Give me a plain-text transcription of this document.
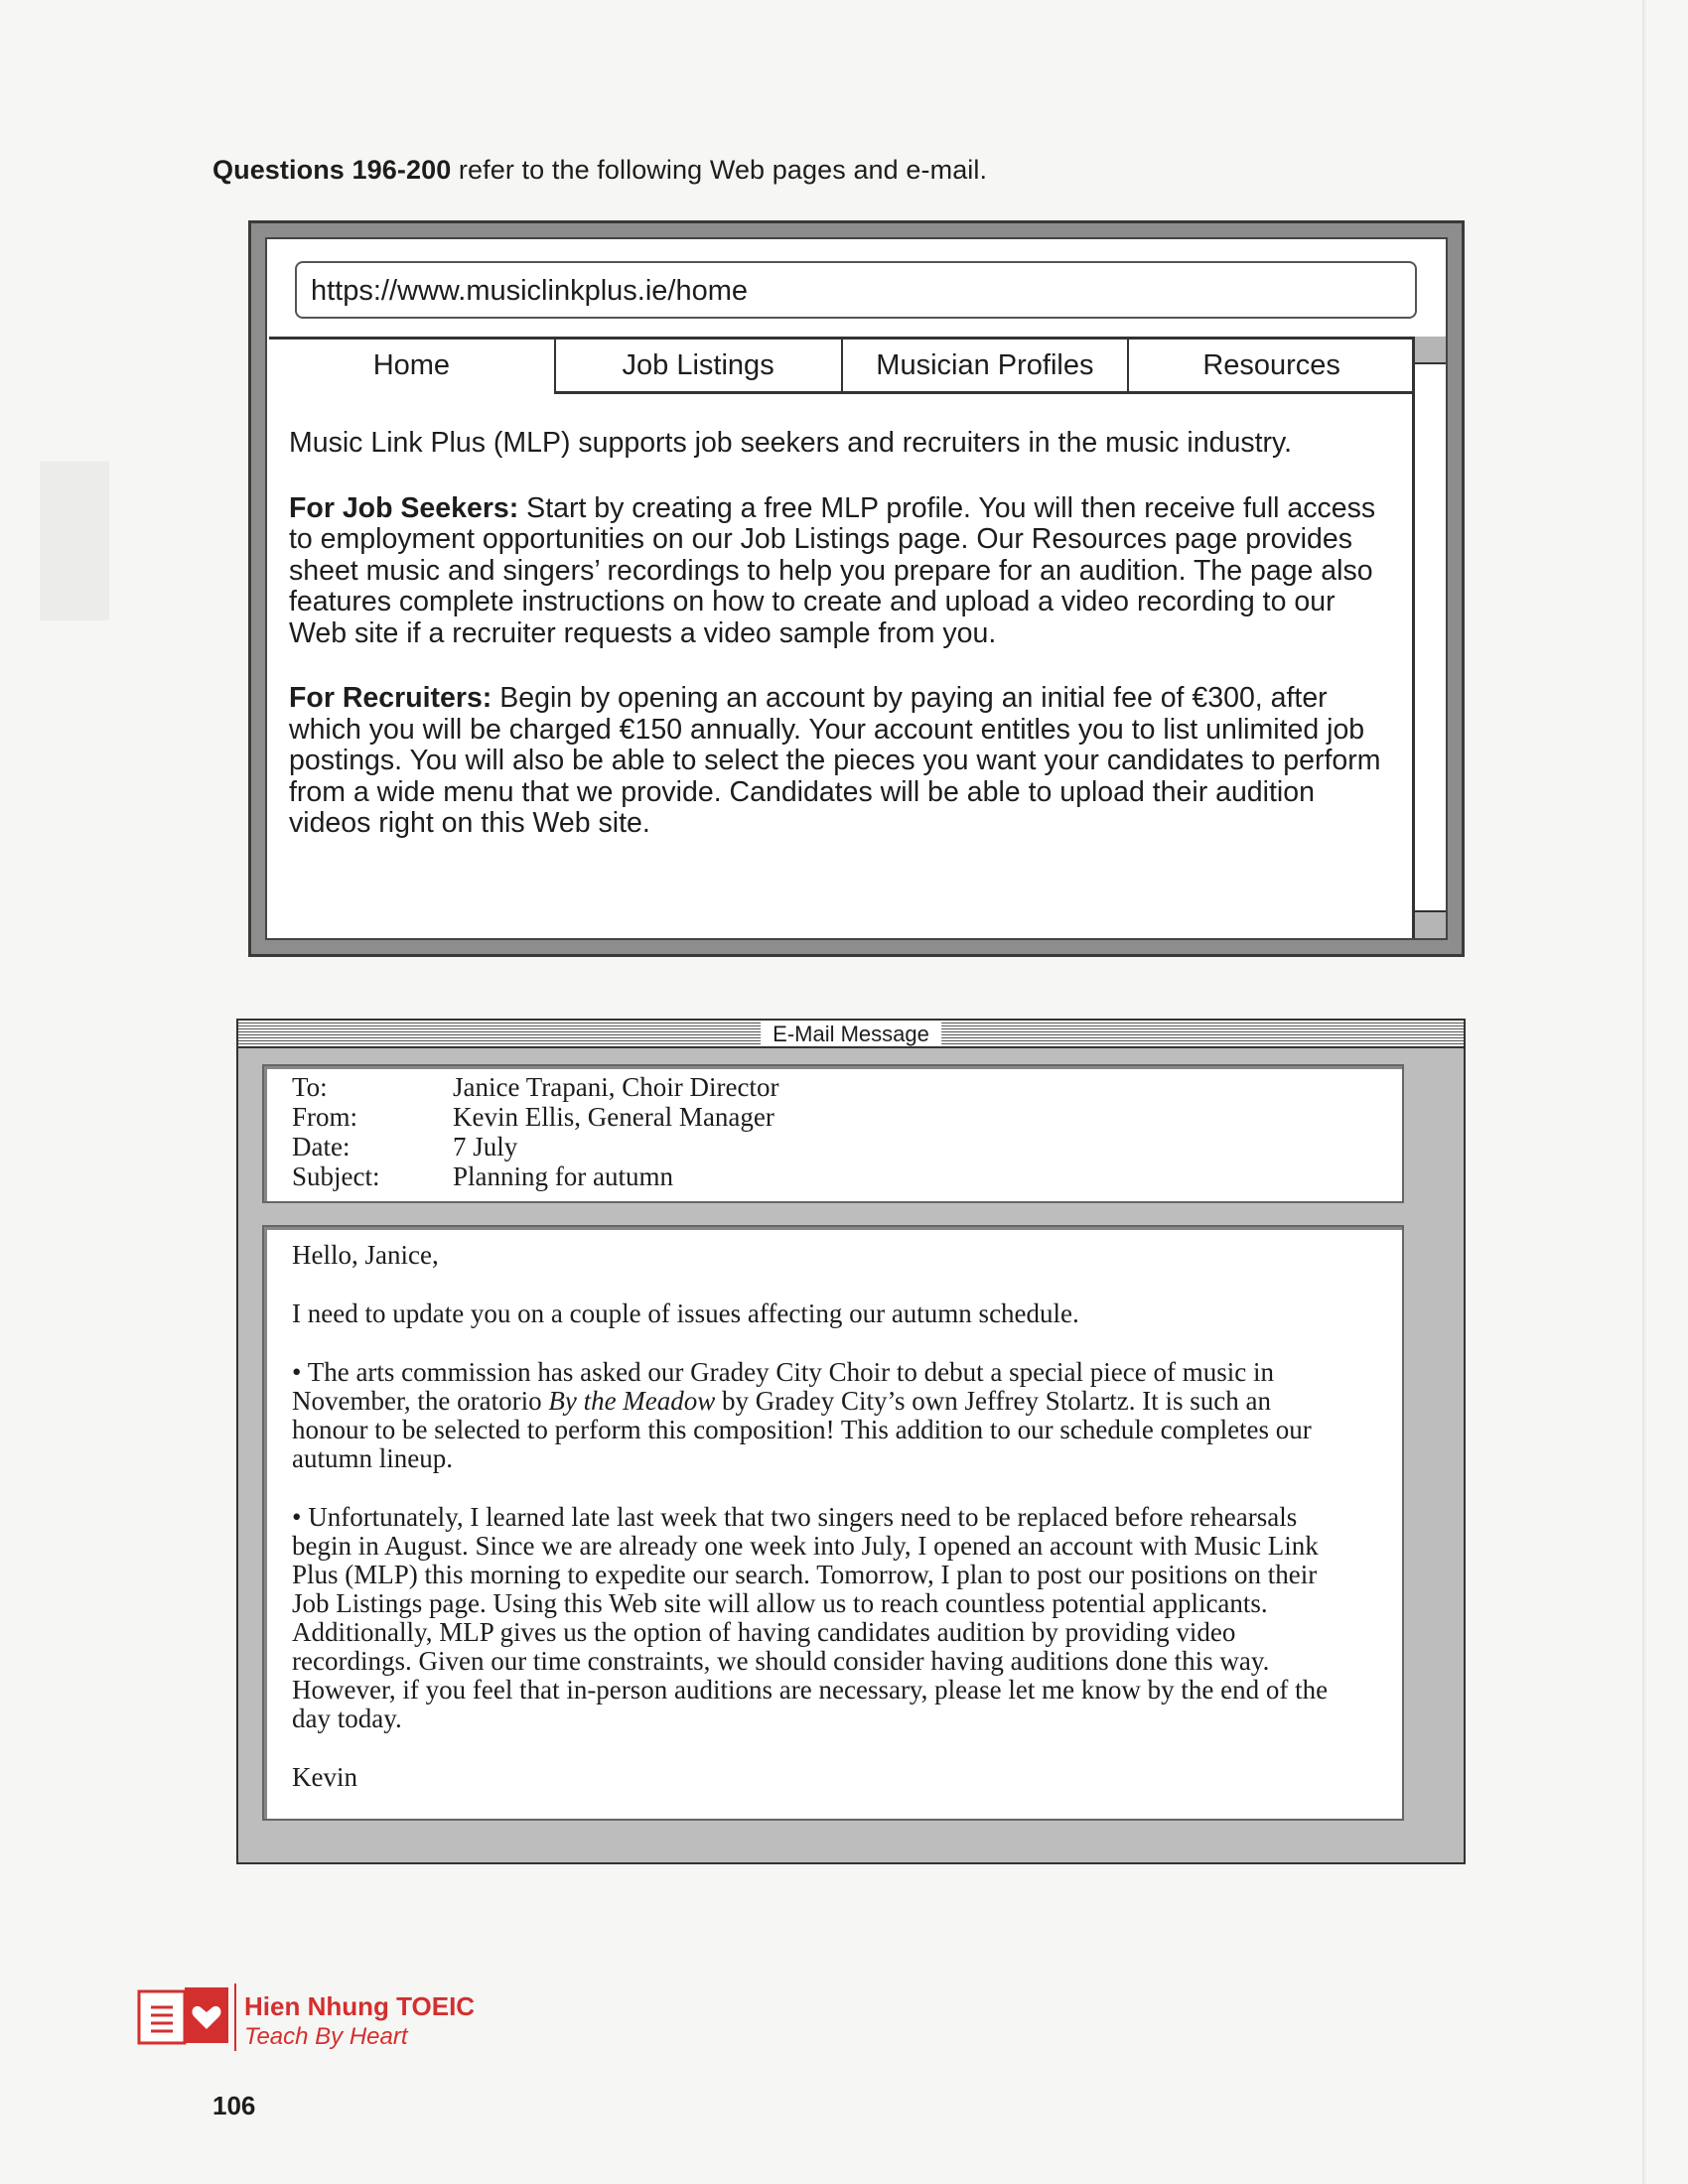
Questions 196-200 refer to the following Web pages and e-mail.
https://www.musiclinkplus.ie/home
Home	Job Listings	Musician Profiles	Resources

Music Link Plus (MLP) supports job seekers and recruiters in the music industry.

For Job Seekers: Start by creating a free MLP profile. You will then receive full access to employment opportunities on our Job Listings page. Our Resources page provides sheet music and singers’ recordings to help you prepare for an audition. The page also features complete instructions on how to create and upload a video recording to our Web site if a recruiter requests a video sample from you.

For Recruiters: Begin by opening an account by paying an initial fee of €300, after which you will be charged €150 annually. Your account entitles you to list unlimited job postings. You will also be able to select the pieces you want your candidates to perform from a wide menu that we provide. Candidates will be able to upload their audition videos right on this Web site.

E-Mail Message
To:	Janice Trapani, Choir Director
From:	Kevin Ellis, General Manager
Date:	7 July
Subject:	Planning for autumn

Hello, Janice,

I need to update you on a couple of issues affecting our autumn schedule.

• The arts commission has asked our Gradey City Choir to debut a special piece of music in November, the oratorio By the Meadow by Gradey City’s own Jeffrey Stolartz. It is such an honour to be selected to perform this composition! This addition to our schedule completes our autumn lineup.

• Unfortunately, I learned late last week that two singers need to be replaced before rehearsals begin in August. Since we are already one week into July, I opened an account with Music Link Plus (MLP) this morning to expedite our search. Tomorrow, I plan to post our positions on their Job Listings page. Using this Web site will allow us to reach countless potential applicants. Additionally, MLP gives us the option of having candidates audition by providing video recordings. Given our time constraints, we should consider having auditions done this way. However, if you feel that in-person auditions are necessary, please let me know by the end of the day today.

Kevin

Hien Nhung TOEIC
Teach By Heart
106
